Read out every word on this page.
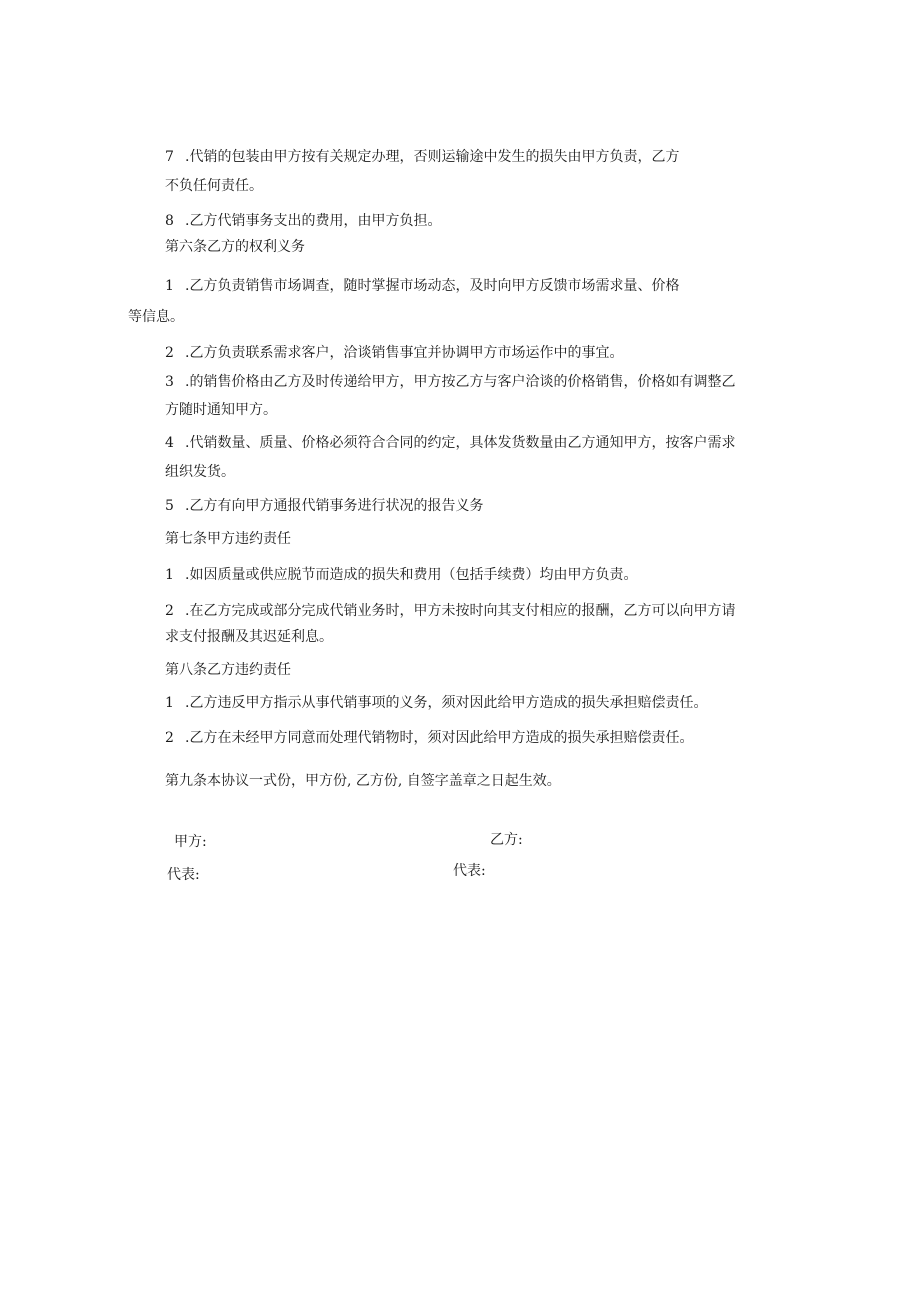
7 .代销的包装由甲方按有关规定办理，否则运输途中发生的损失由甲方负责，乙方
不负任何责任。
8 .乙方代销事务支出的费用，由甲方负担。
第六条乙方的权利义务
1 .乙方负责销售市场调查，随时掌握市场动态，及时向甲方反馈市场需求量、价格
等信息。
2 .乙方负责联系需求客户，洽谈销售事宜并协调甲方市场运作中的事宜。
3 .的销售价格由乙方及时传递给甲方，甲方按乙方与客户洽谈的价格销售，价格如有调整乙
方随时通知甲方。
4 .代销数量、质量、价格必须符合合同的约定，具体发货数量由乙方通知甲方，按客户需求
组织发货。
5 .乙方有向甲方通报代销事务进行状况的报告义务
第七条甲方违约责任
1 .如因质量或供应脱节而造成的损失和费用（包括手续费）均由甲方负责。
2 .在乙方完成或部分完成代销业务时，甲方未按时向其支付相应的报酬，乙方可以向甲方请
求支付报酬及其迟延利息。
第八条乙方违约责任
1 .乙方违反甲方指示从事代销事项的义务，须对因此给甲方造成的损失承担赔偿责任。
2 .乙方在未经甲方同意而处理代销物时，须对因此给甲方造成的损失承担赔偿责任。
第九条本协议一式份，甲方份, 乙方份, 自签字盖章之日起生效。
甲方:	乙方:
代表:	代表:
